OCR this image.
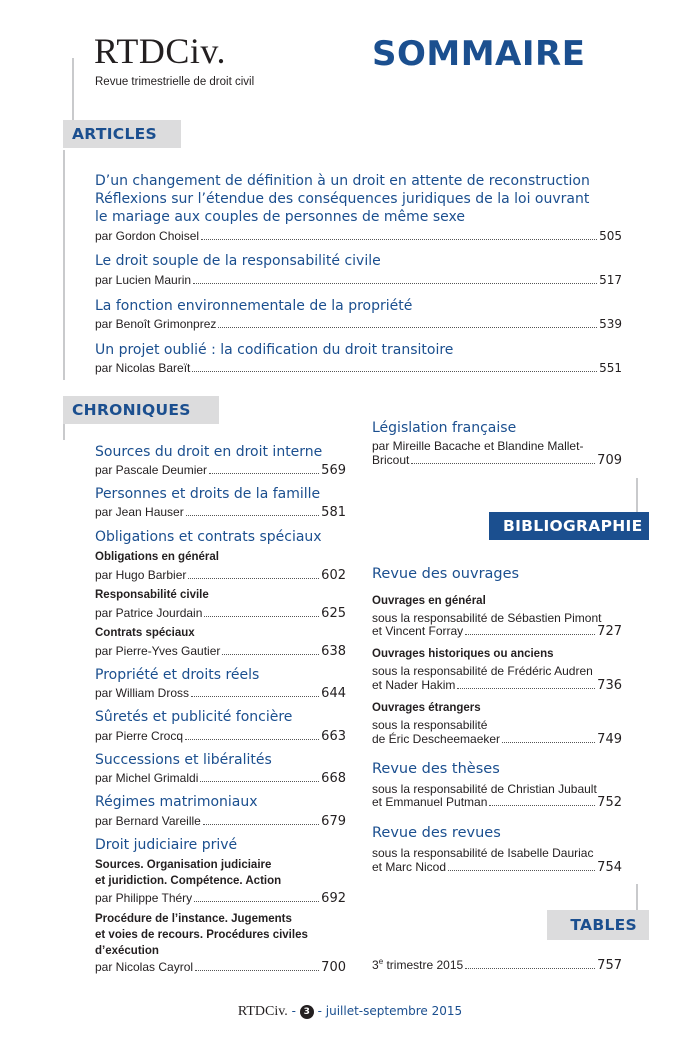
RTDCiv.
Revue trimestrielle de droit civil
SOMMAIRE
ARTICLES
D’un changement de définition à un droit en attente de reconstruction
Réflexions sur l’étendue des conséquences juridiques de la loi ouvrant
le mariage aux couples de personnes de même sexe
par Gordon Choisel	505
Le droit souple de la responsabilité civile
par Lucien Maurin	517
La fonction environnementale de la propriété
par Benoît Grimonprez	539
Un projet oublié : la codification du droit transitoire
par Nicolas Bareït	551
CHRONIQUES
Sources du droit en droit interne
par Pascale Deumier	569
Personnes et droits de la famille
par Jean Hauser	581
Obligations et contrats spéciaux
Obligations en général
par Hugo Barbier	602
Responsabilité civile
par Patrice Jourdain	625
Contrats spéciaux
par Pierre-Yves Gautier	638
Propriété et droits réels
par William Dross	644
Sûretés et publicité foncière
par Pierre Crocq	663
Successions et libéralités
par Michel Grimaldi	668
Régimes matrimoniaux
par Bernard Vareille	679
Droit judiciaire privé
Sources. Organisation judiciaire
et juridiction. Compétence. Action
par Philippe Théry	692
Procédure de l’instance. Jugements
et voies de recours. Procédures civiles
d’exécution
par Nicolas Cayrol	700
Législation française
par Mireille Bacache et Blandine Mallet-
Bricout	709
BIBLIOGRAPHIE
Revue des ouvrages
Ouvrages en général
sous la responsabilité de Sébastien Pimont
et Vincent Forray	727
Ouvrages historiques ou anciens
sous la responsabilité de Frédéric Audren
et Nader Hakim	736
Ouvrages étrangers
sous la responsabilité
de Éric Descheemaeker	749
Revue des thèses
sous la responsabilité de Christian Jubault
et Emmanuel Putman	752
Revue des revues
sous la responsabilité de Isabelle Dauriac
et Marc Nicod	754
TABLES
3e trimestre 2015	757
RTDCiv. - 3 - juillet-septembre 2015
